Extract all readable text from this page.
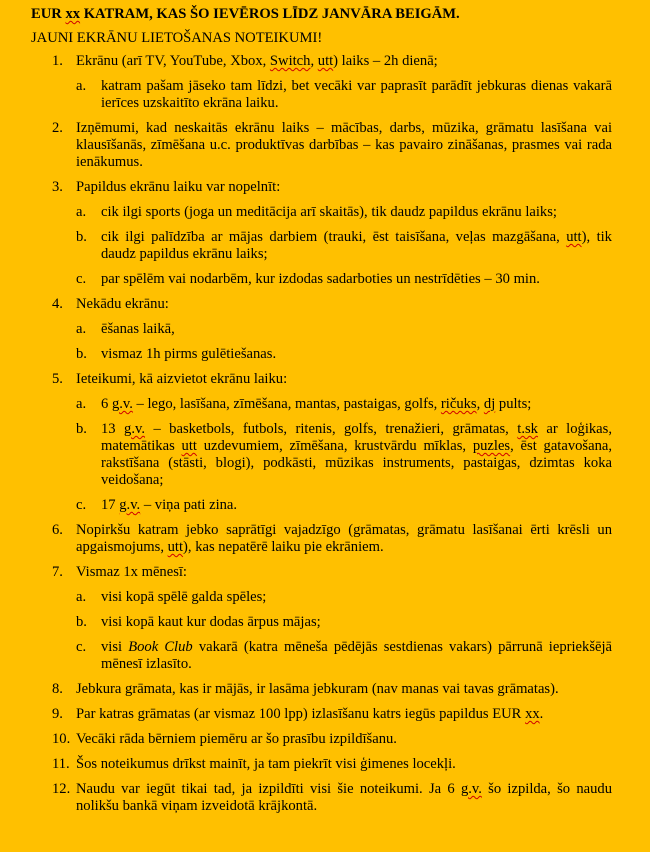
EUR xx KATRAM, KAS ŠO IEVĒROS LĪDZ JANVĀRA BEIGĀM.
JAUNI EKRĀNU LIETOŠANAS NOTEIKUMI!
1. Ekrānu (arī TV, YouTube, Xbox, Switch, utt) laiks – 2h dienā;
a. katram pašam jāseko tam līdzi, bet vecāki var paprasīt parādīt jebkuras dienas vakarā ierīces uzskaitīto ekrāna laiku.
2. Izņēmumi, kad neskaitās ekrānu laiks – mācības, darbs, mūzika, grāmatu lasīšana vai klausīšanās, zīmēšana u.c. produktīvas darbības – kas pavairo zināšanas, prasmes vai rada ienākumus.
3. Papildus ekrānu laiku var nopelnīt:
a. cik ilgi sports (joga un meditācija arī skaitās), tik daudz papildus ekrānu laiks;
b. cik ilgi palīdzība ar mājas darbiem (trauki, ēst taisīšana, veļas mazgāšana, utt), tik daudz papildus ekrānu laiks;
c. par spēlēm vai nodarbēm, kur izdodas sadarboties un nestrīdēties – 30 min.
4. Nekādu ekrānu:
a. ēšanas laikā,
b. vismaz 1h pirms gulētiešanas.
5. Ieteikumi, kā aizvietot ekrānu laiku:
a. 6 g.v. – lego, lasīšana, zīmēšana, mantas, pastaigas, golfs, ričuks, dj pults;
b. 13 g.v. – basketbols, futbols, ritenis, golfs, trenažieri, grāmatas, t.sk ar loģikas, matemātikas utt uzdevumiem, zīmēšana, krustvārdu mīklas, puzles, ēst gatavošana, rakstīšana (stāsti, blogi), podkāsti, mūzikas instruments, pastaigas, dzimtas koka veidošana;
c. 17 g.v. – viņa pati zina.
6. Nopirkšu katram jebko saprātīgi vajadzīgo (grāmatas, grāmatu lasīšanai ērti krēsli un apgaismojums, utt), kas nepatērē laiku pie ekrāniem.
7. Vismaz 1x mēnesī:
a. visi kopā spēlē galda spēles;
b. visi kopā kaut kur dodas ārpus mājas;
c. visi Book Club vakarā (katra mēneša pēdējās sestdienas vakars) pārrunā iepriekšējā mēnesī izlasīto.
8. Jebkura grāmata, kas ir mājās, ir lasāma jebkuram (nav manas vai tavas grāmatas).
9. Par katras grāmatas (ar vismaz 100 lpp) izlasīšanu katrs iegūs papildus EUR xx.
10. Vecāki rāda bērniem piemēru ar šo prasību izpildīšanu.
11. Šos noteikumus drīkst mainīt, ja tam piekrīt visi ģimenes locekļi.
12. Naudu var iegūt tikai tad, ja izpildīti visi šie noteikumi. Ja 6 g.v. šo izpilda, šo naudu nolikšu bankā viņam izveidotā krājkontā.
